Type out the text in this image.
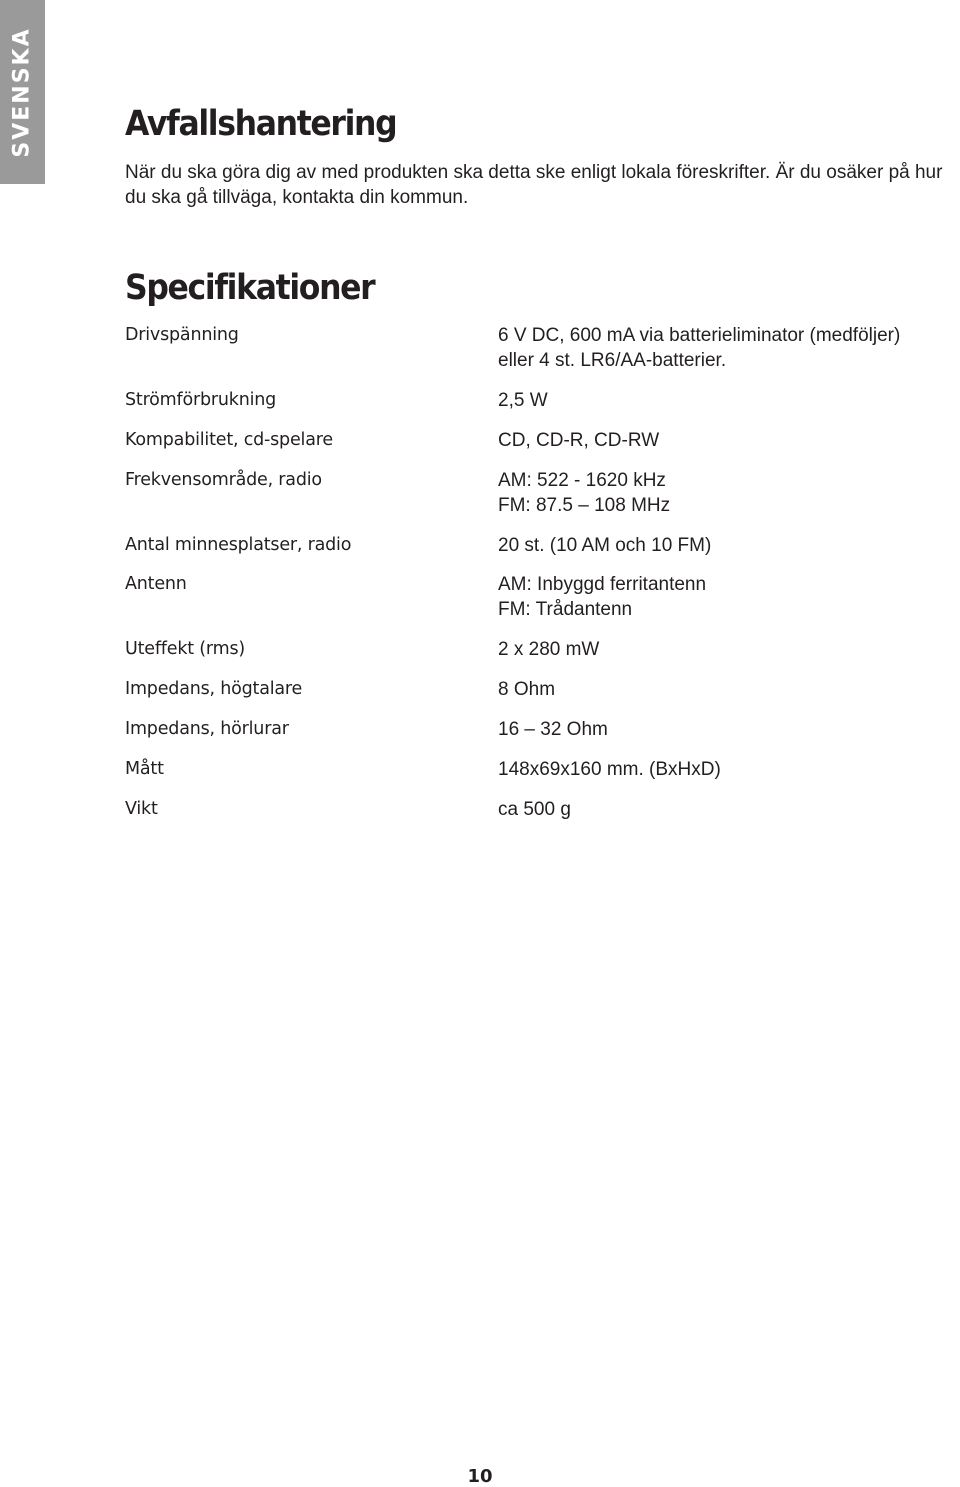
SVENSKA	Avfallshantering

När du ska göra dig av med produkten ska detta ske enligt lokala föreskrifter. Är du osäker på hur du ska gå tillväga, kontakta din kommun.

Specifikationer

Drivspänning	6 V DC, 600 mA via batterieliminator (medföljer)
eller 4 st. LR6/AA-batterier.

Strömförbrukning	2,5 W

Kompabilitet, cd-spelare	CD, CD-R, CD-RW

Frekvensområde, radio	AM: 522 - 1620 kHz
FM: 87.5 – 108 MHz

Antal minnesplatser, radio	20 st. (10 AM och 10 FM)

Antenn	AM: Inbyggd ferritantenn
FM: Trådantenn

Uteffekt (rms)	2 x 280 mW

Impedans, högtalare	8 Ohm

Impedans, hörlurar	16 – 32 Ohm

Mått	148x69x160 mm. (BxHxD)

Vikt	ca 500 g

10
